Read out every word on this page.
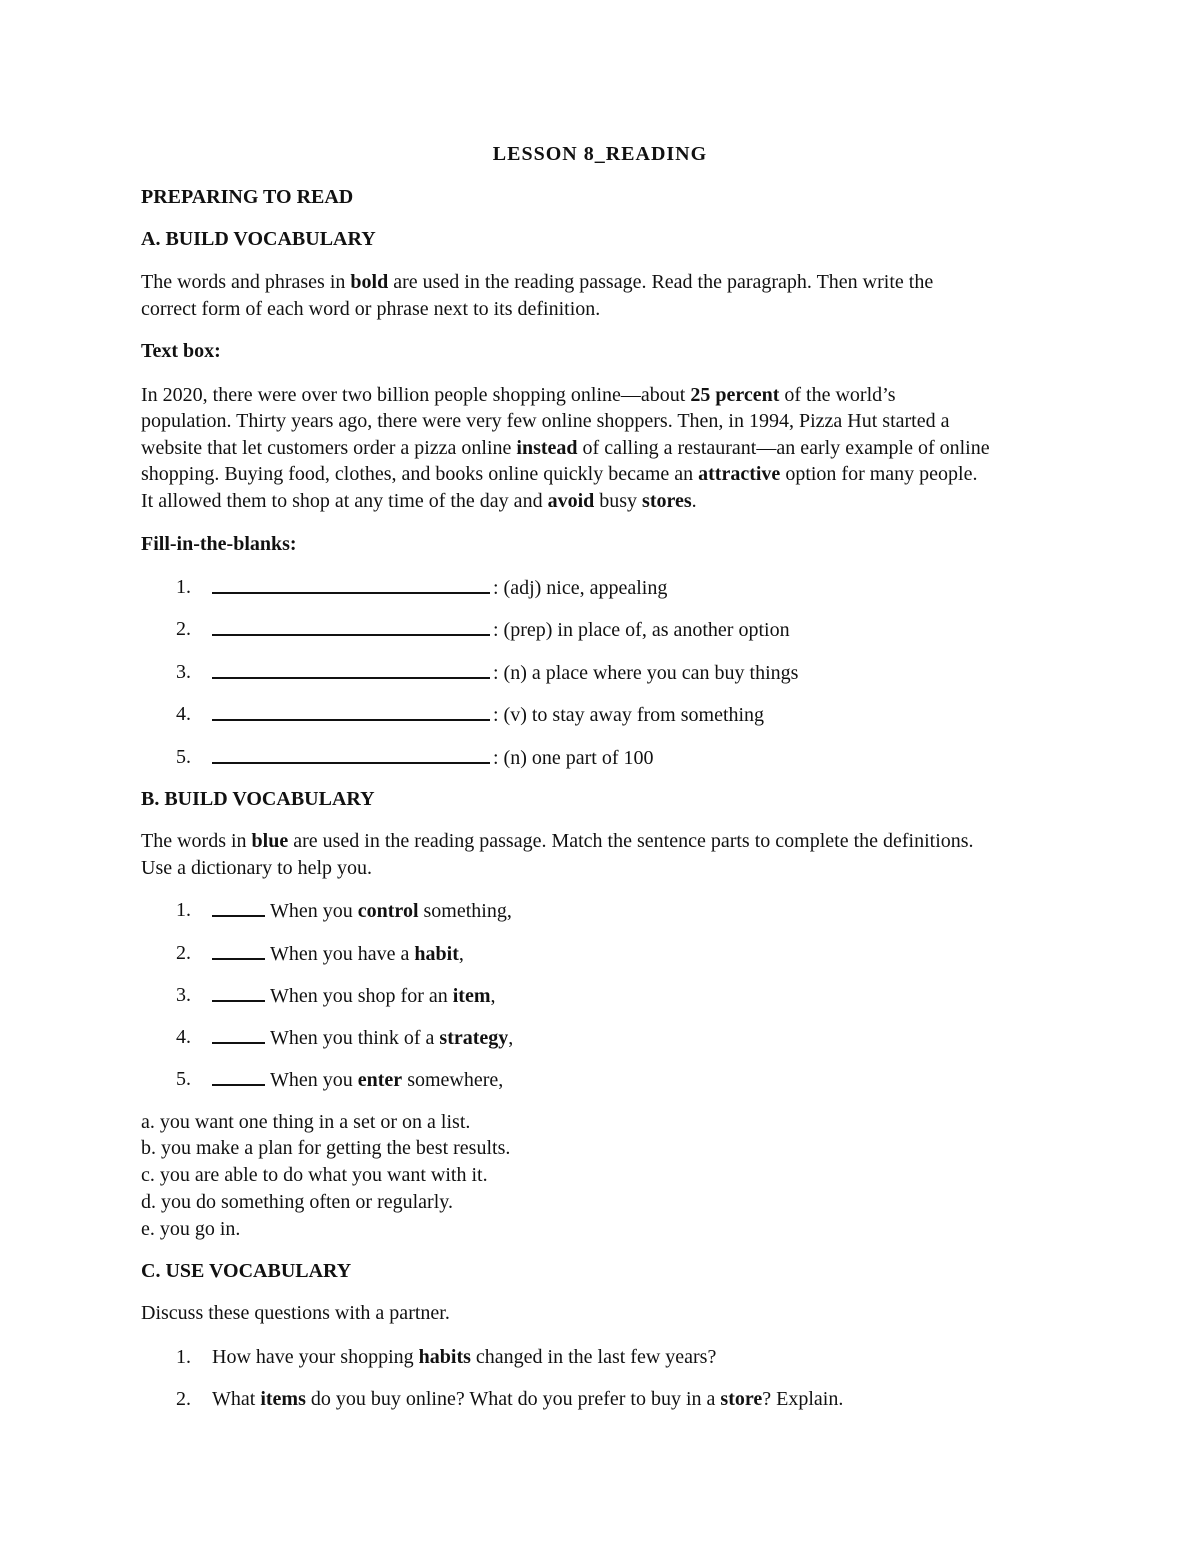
LESSON 8_READING
PREPARING TO READ
A. BUILD VOCABULARY
The words and phrases in bold are used in the reading passage. Read the paragraph. Then write the
correct form of each word or phrase next to its definition.
Text box:
In 2020, there were over two billion people shopping online—about 25 percent of the world’s
population. Thirty years ago, there were very few online shoppers. Then, in 1994, Pizza Hut started a
website that let customers order a pizza online instead of calling a restaurant—an early example of online
shopping. Buying food, clothes, and books online quickly became an attractive option for many people.
It allowed them to shop at any time of the day and avoid busy stores.
Fill-in-the-blanks:
1.	: (adj) nice, appealing
2.	: (prep) in place of, as another option
3.	: (n) a place where you can buy things
4.	: (v) to stay away from something
5.	: (n) one part of 100
B. BUILD VOCABULARY
The words in blue are used in the reading passage. Match the sentence parts to complete the definitions.
Use a dictionary to help you.
1.	When you control something,
2.	When you have a habit,
3.	When you shop for an item,
4.	When you think of a strategy,
5.	When you enter somewhere,
a. you want one thing in a set or on a list.
b. you make a plan for getting the best results.
c. you are able to do what you want with it.
d. you do something often or regularly.
e. you go in.
C. USE VOCABULARY
Discuss these questions with a partner.
1. How have your shopping habits changed in the last few years?
2. What items do you buy online? What do you prefer to buy in a store? Explain.
